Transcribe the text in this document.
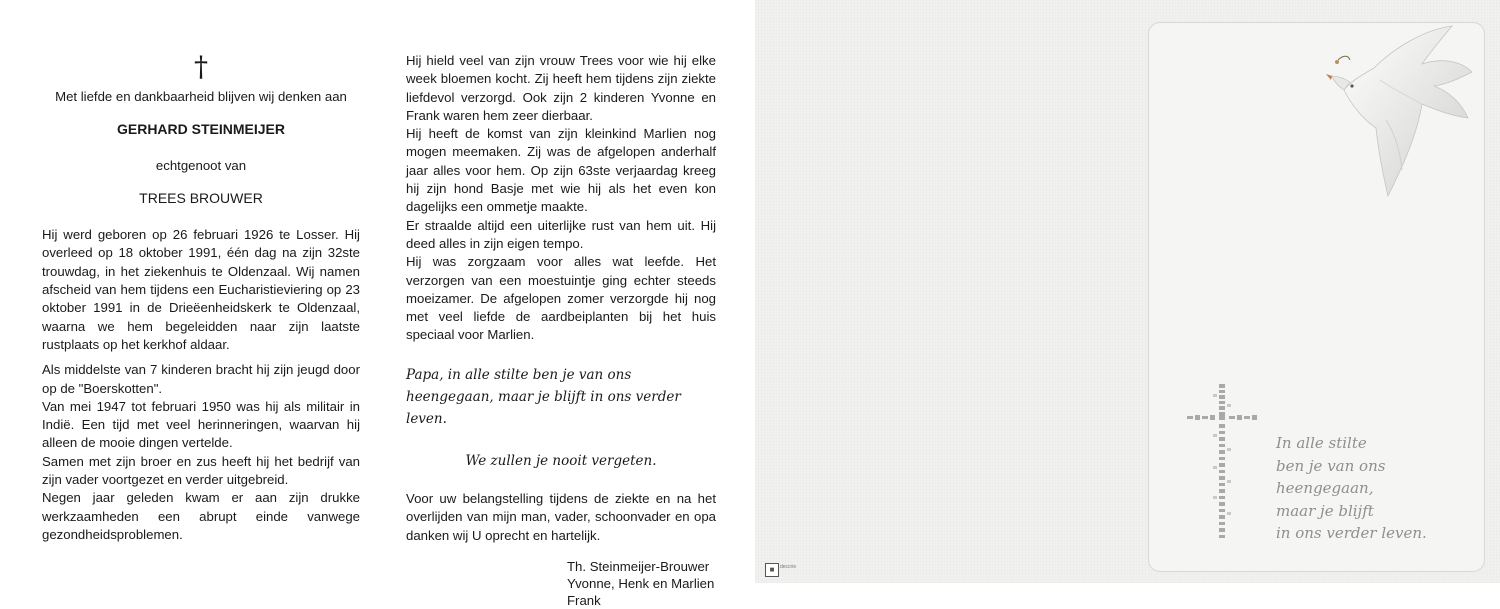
†
Met liefde en dankbaarheid blijven wij denken aan
GERHARD STEINMEIJER
echtgenoot van
TREES BROUWER
Hij werd geboren op 26 februari 1926 te Losser. Hij overleed op 18 oktober 1991, één dag na zijn 32ste trouwdag, in het ziekenhuis te Oldenzaal. Wij namen afscheid van hem tijdens een Eucharistieviering op 23 oktober 1991 in de Drieëenheidskerk te Oldenzaal, waarna we hem begeleidden naar zijn laatste rustplaats op het kerkhof aldaar.
Als middelste van 7 kinderen bracht hij zijn jeugd door op de "Boerskotten".
Van mei 1947 tot februari 1950 was hij als militair in Indië. Een tijd met veel herinneringen, waarvan hij alleen de mooie dingen vertelde.
Samen met zijn broer en zus heeft hij het bedrijf van zijn vader voortgezet en verder uitgebreid.
Negen jaar geleden kwam er aan zijn drukke werkzaamheden een abrupt einde vanwege gezondheidsproblemen.
Hij hield veel van zijn vrouw Trees voor wie hij elke week bloemen kocht. Zij heeft hem tijdens zijn ziekte liefdevol verzorgd. Ook zijn 2 kinderen Yvonne en Frank waren hem zeer dierbaar.
Hij heeft de komst van zijn kleinkind Marlien nog mogen meemaken. Zij was de afgelopen anderhalf jaar alles voor hem. Op zijn 63ste verjaardag kreeg hij zijn hond Basje met wie hij als het even kon dagelijks een ommetje maakte.
Er straalde altijd een uiterlijke rust van hem uit. Hij deed alles in zijn eigen tempo.
Hij was zorgzaam voor alles wat leefde. Het verzorgen van een moestuintje ging echter steeds moeizamer. De afgelopen zomer verzorgde hij nog met veel liefde de aardbeiplanten bij het huis speciaal voor Marlien.
Papa, in alle stilte ben je van ons heengegaan, maar je blijft in ons verder leven.
We zullen je nooit vergeten.
Voor uw belangstelling tijdens de ziekte en na het overlijden van mijn man, vader, schoonvader en opa danken wij U oprecht en hartelijk.
Th. Steinmeijer-Brouwer
Yvonne, Henk en Marlien
Frank
In alle stilte
ben je van ons heengegaan,
maar je blijft
in ons verder leven.
■	deccrie
